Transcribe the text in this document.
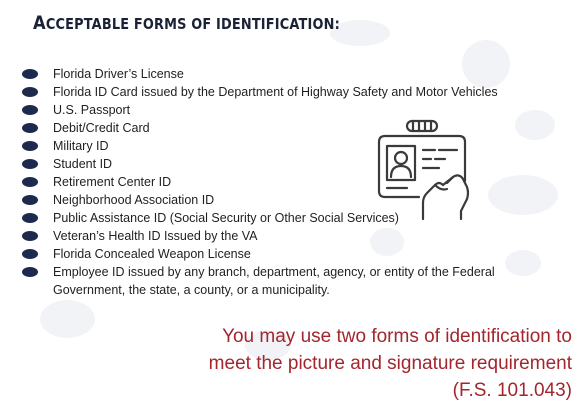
ACCEPTABLE FORMS OF IDENTIFICATION:
Florida Driver’s License
Florida ID Card issued by the Department of Highway Safety and Motor Vehicles
U.S. Passport
Debit/Credit Card
Military ID
Student ID
Retirement Center ID
Neighborhood Association ID
Public Assistance ID (Social Security or Other Social Services)
Veteran’s Health ID Issued by the VA
Florida Concealed Weapon License
Employee ID issued by any branch, department, agency, or entity of the Federal Government, the state, a county, or a municipality.

You may use two forms of identification to
meet the picture and signature requirement
(F.S. 101.043)
